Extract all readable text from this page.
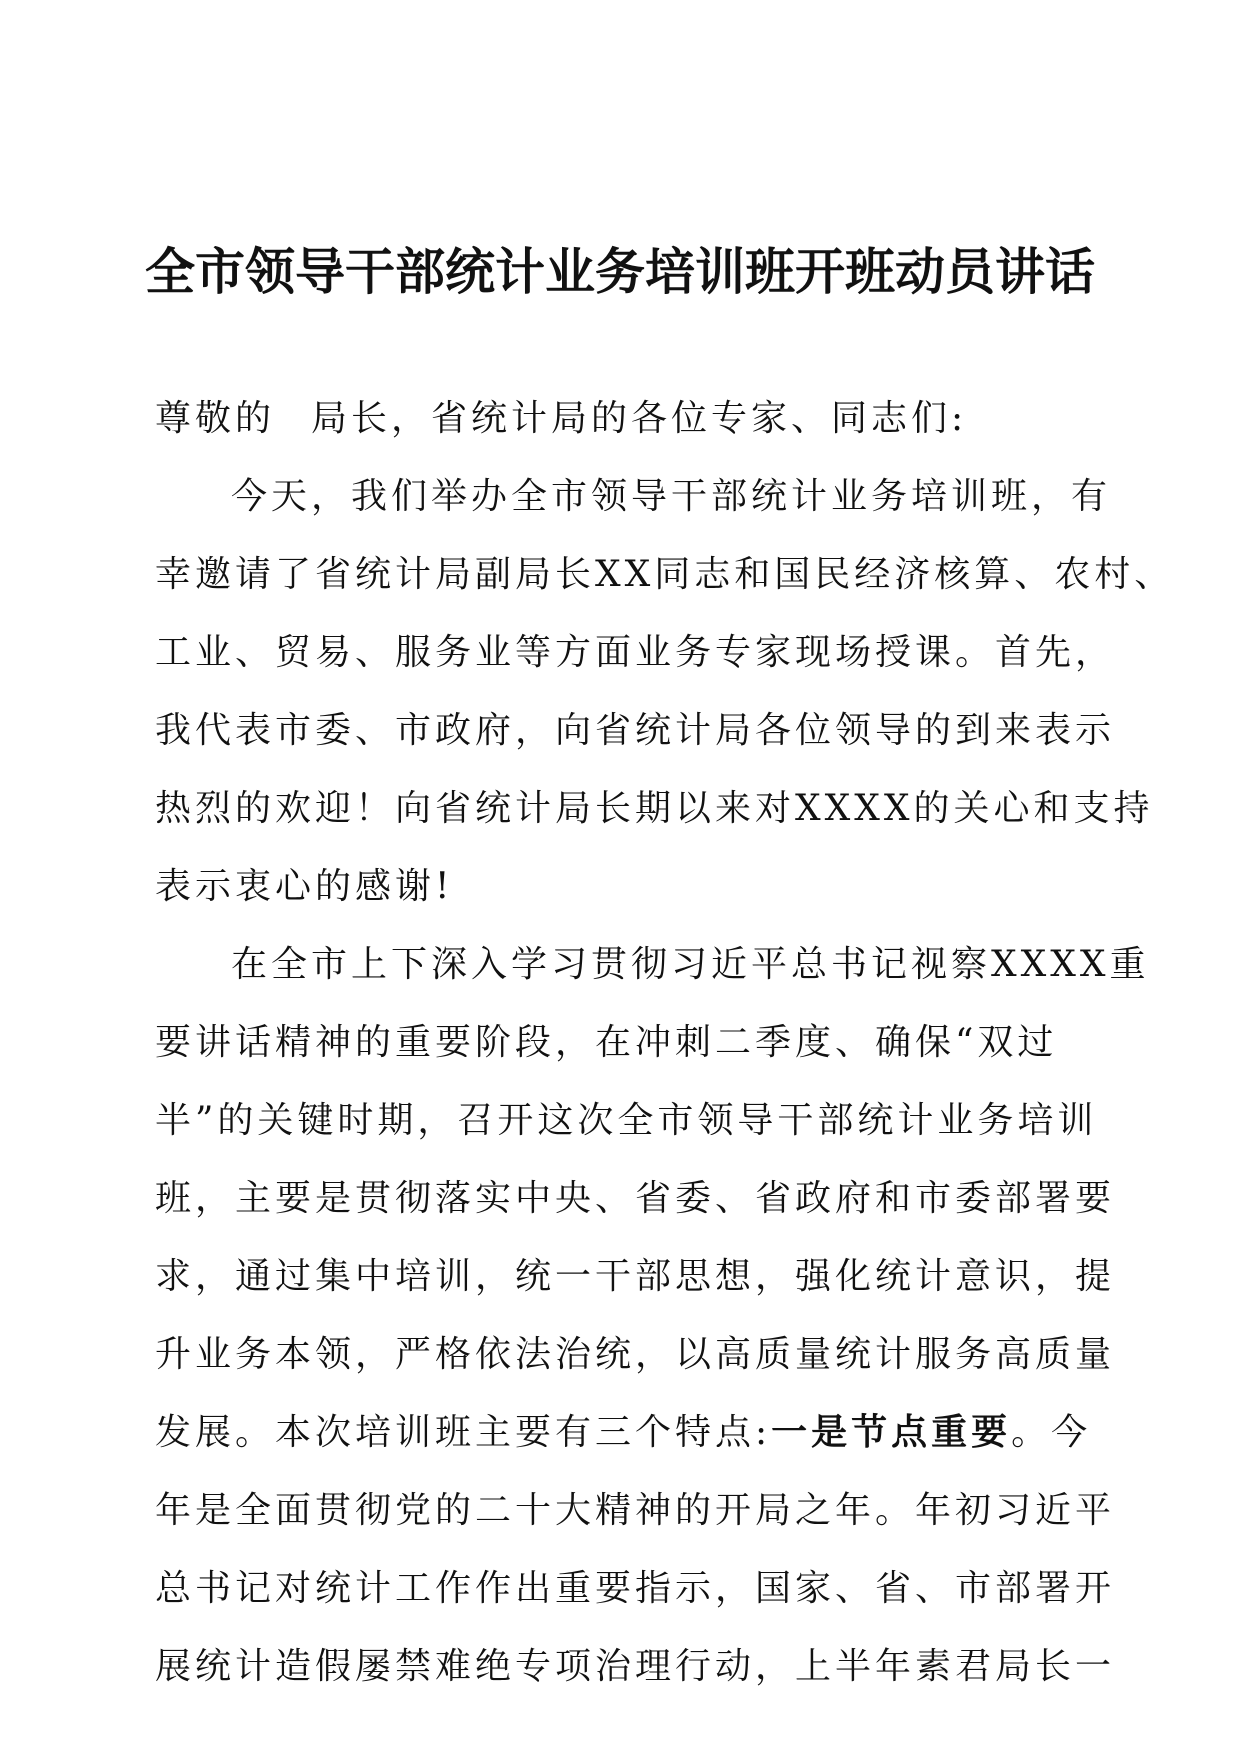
全市领导干部统计业务培训班开班动员讲话
尊敬的 局长，省统计局的各位专家、同志们:
今天，我们举办全市领导干部统计业务培训班，有
幸邀请了省统计局副局长XX同志和国民经济核算、农村、
工业、贸易、服务业等方面业务专家现场授课。首先，
我代表市委、市政府，向省统计局各位领导的到来表示
热烈的欢迎！向省统计局长期以来对XXXX的关心和支持
表示衷心的感谢!
在全市上下深入学习贯彻习近平总书记视察XXXX重
要讲话精神的重要阶段，在冲刺二季度、确保“双过
半”的关键时期，召开这次全市领导干部统计业务培训
班，主要是贯彻落实中央、省委、省政府和市委部署要
求，通过集中培训，统一干部思想，强化统计意识，提
升业务本领，严格依法治统，以高质量统计服务高质量
发展。本次培训班主要有三个特点:一是节点重要。今
年是全面贯彻党的二十大精神的开局之年。年初习近平
总书记对统计工作作出重要指示，国家、省、市部署开
展统计造假屡禁难绝专项治理行动，上半年素君局长一
